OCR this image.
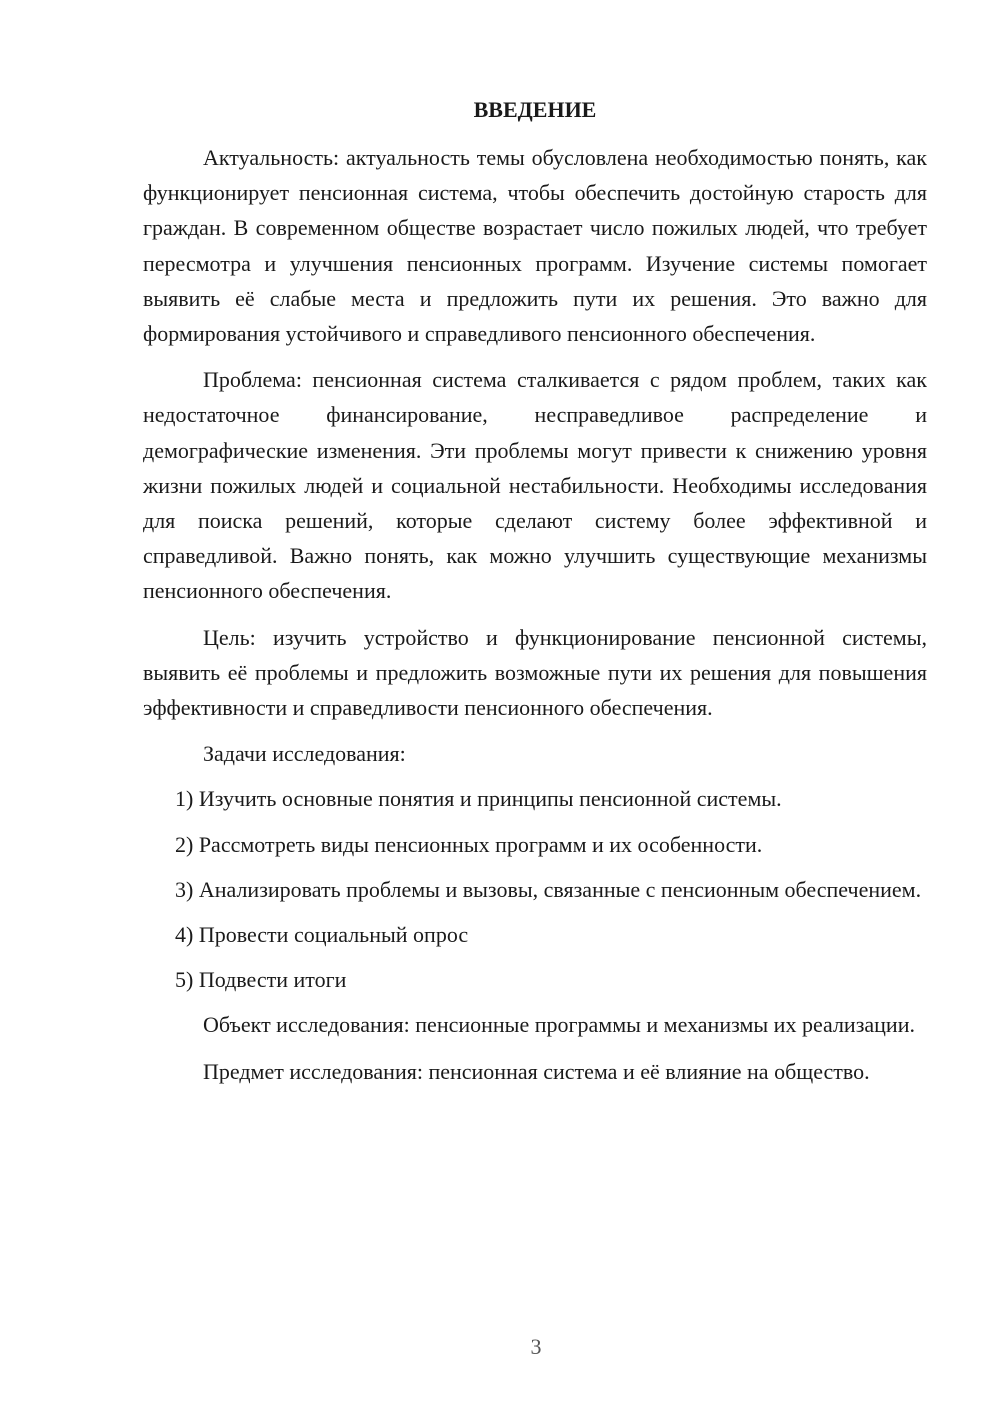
ВВЕДЕНИЕ

Актуальность: актуальность темы обусловлена необходимостью понять, как функционирует пенсионная система, чтобы обеспечить достойную старость для граждан. В современном обществе возрастает число пожилых людей, что требует пересмотра и улучшения пенсионных программ. Изучение системы помогает выявить её слабые места и предложить пути их решения. Это важно для формирования устойчивого и справедливого пенсионного обеспечения.

Проблема: пенсионная система сталкивается с рядом проблем, таких как недостаточное финансирование, несправедливое распределение и демографические изменения. Эти проблемы могут привести к снижению уровня жизни пожилых людей и социальной нестабильности. Необходимы исследования для поиска решений, которые сделают систему более эффективной и справедливой. Важно понять, как можно улучшить существующие механизмы пенсионного обеспечения.

Цель: изучить устройство и функционирование пенсионной системы, выявить её проблемы и предложить возможные пути их решения для повышения эффективности и справедливости пенсионного обеспечения.

Задачи исследования:

1) Изучить основные понятия и принципы пенсионной системы.

2) Рассмотреть виды пенсионных программ и их особенности.

3) Анализировать проблемы и вызовы, связанные с пенсионным обеспечением.

4) Провести социальный опрос

5) Подвести итоги

Объект исследования: пенсионные программы и механизмы их реализации.

Предмет исследования: пенсионная система и её влияние на общество.

3
